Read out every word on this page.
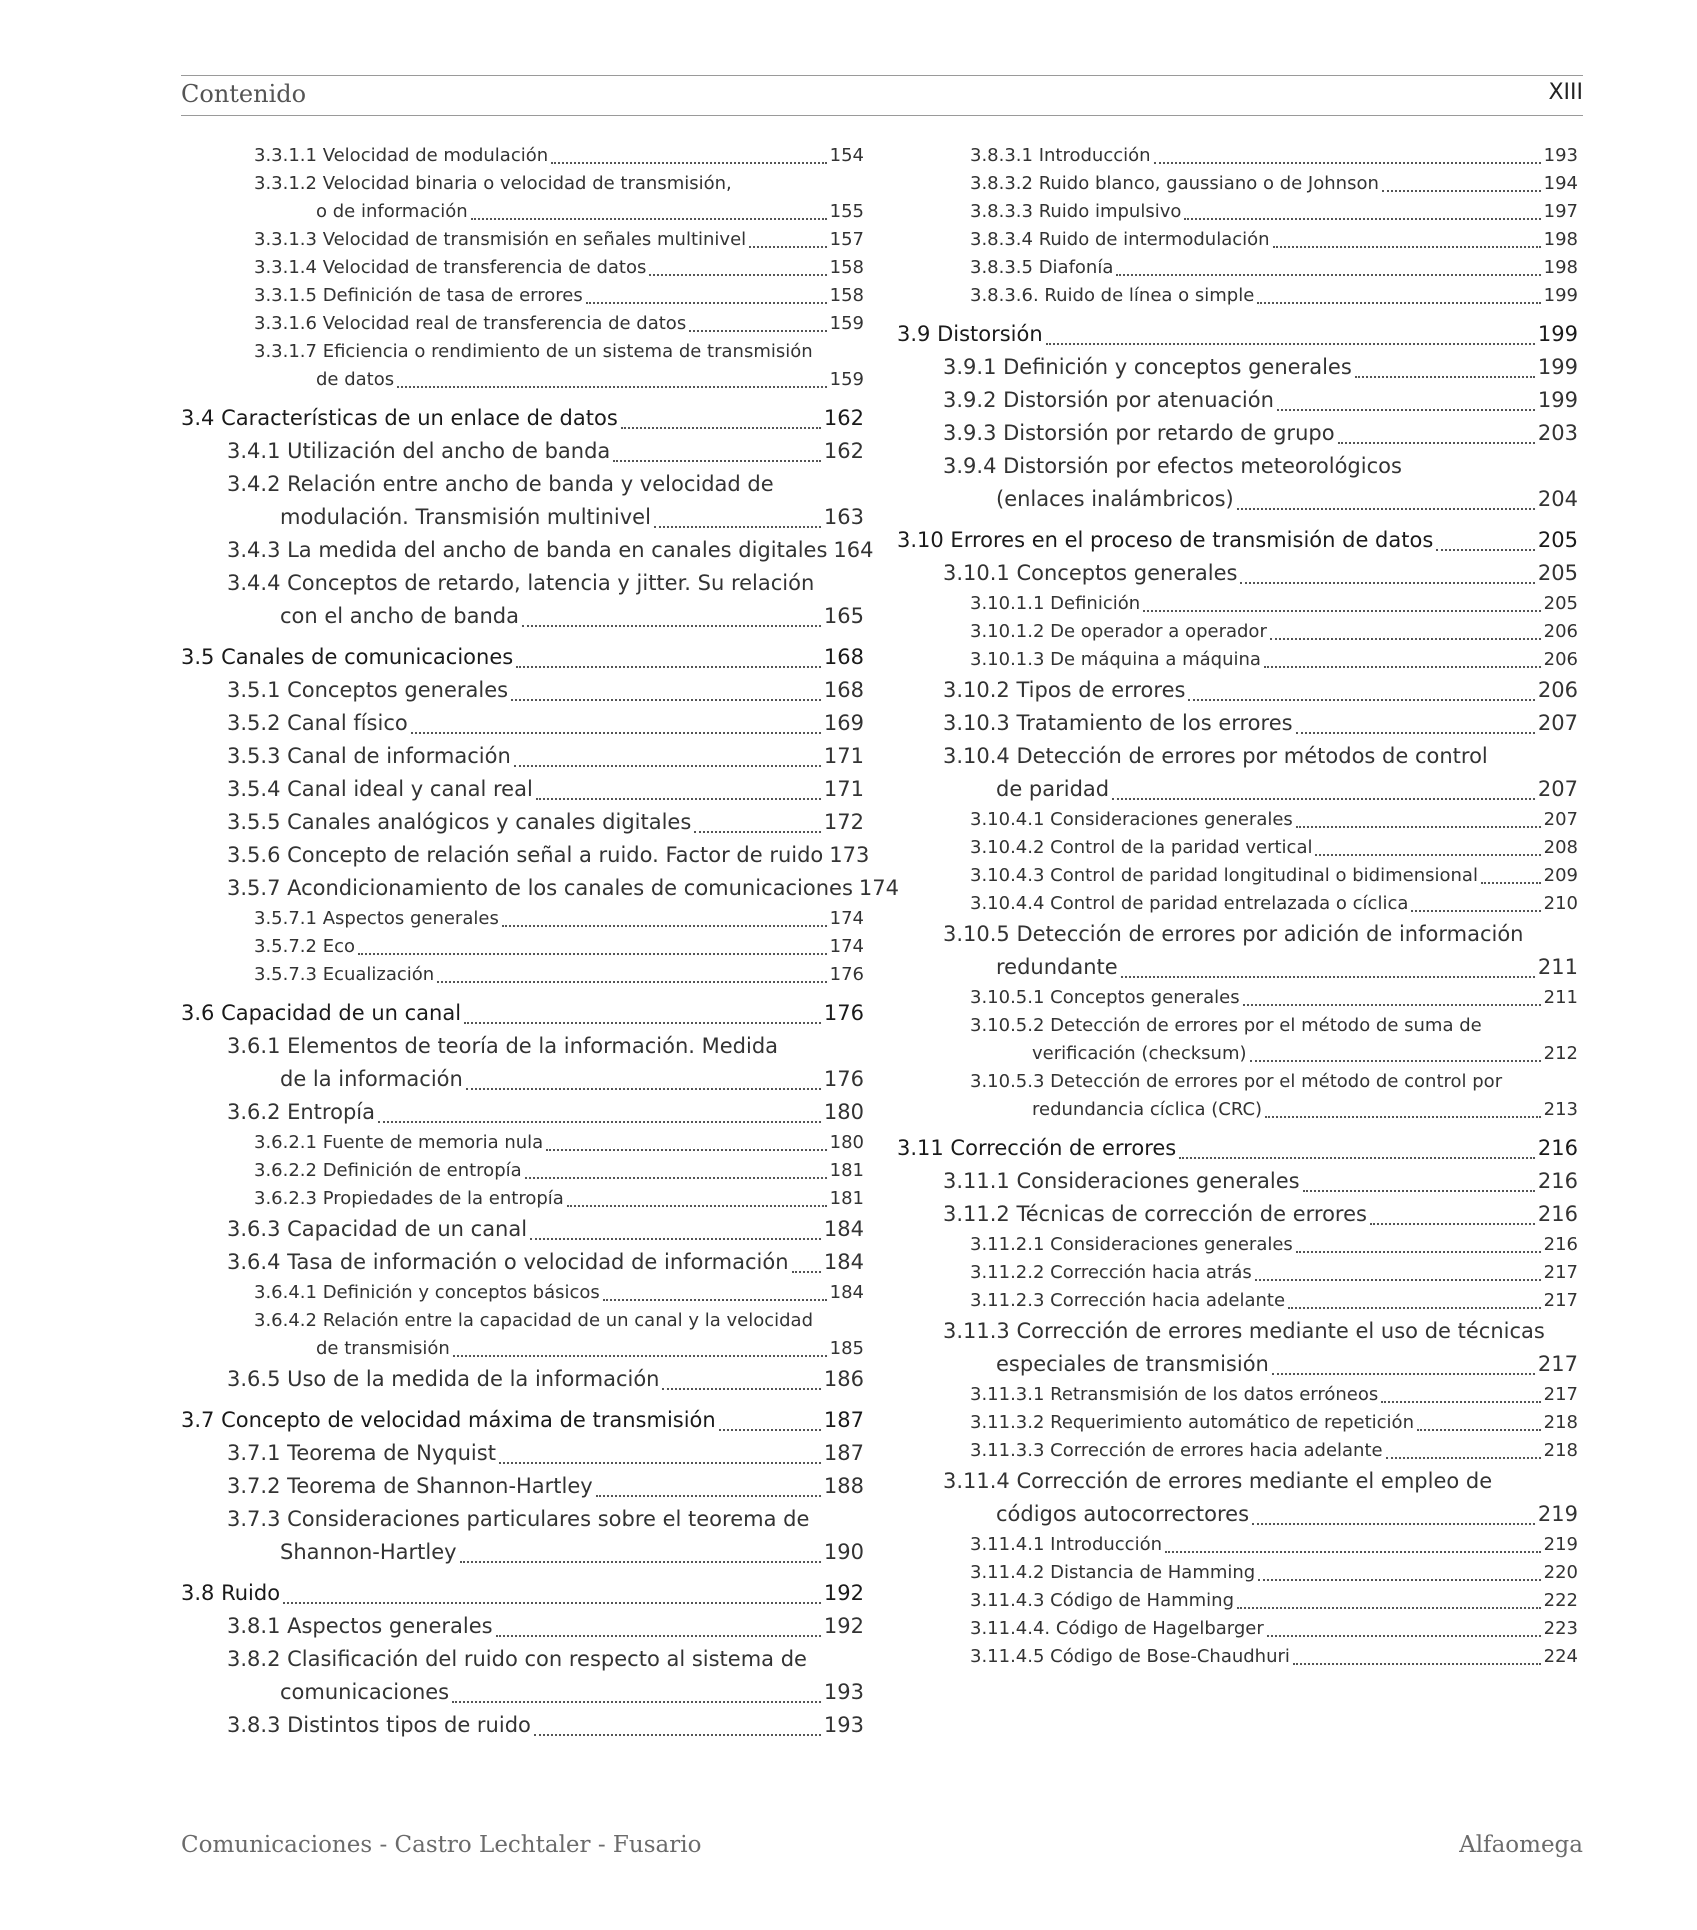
Contenido	XIII
3.3.1.1 Velocidad de modulación	154
3.3.1.2 Velocidad binaria o velocidad de transmisión,
o de información	155
3.3.1.3 Velocidad de transmisión en señales multinivel	157
3.3.1.4 Velocidad de transferencia de datos	158
3.3.1.5 Definición de tasa de errores	158
3.3.1.6 Velocidad real de transferencia de datos	159
3.3.1.7 Eficiencia o rendimiento de un sistema de transmisión
de datos	159
3.4 Características de un enlace de datos	162
3.4.1 Utilización del ancho de banda	162
3.4.2 Relación entre ancho de banda y velocidad de
modulación. Transmisión multinivel	163
3.4.3 La medida del ancho de banda en canales digitales 164
3.4.4 Conceptos de retardo, latencia y jitter. Su relación
con el ancho de banda	165
3.5 Canales de comunicaciones	168
3.5.1 Conceptos generales	168
3.5.2 Canal físico	169
3.5.3 Canal de información	171
3.5.4 Canal ideal y canal real	171
3.5.5 Canales analógicos y canales digitales	172
3.5.6 Concepto de relación señal a ruido. Factor de ruido 173
3.5.7 Acondicionamiento de los canales de comunicaciones 174
3.5.7.1 Aspectos generales	174
3.5.7.2 Eco	174
3.5.7.3 Ecualización	176
3.6 Capacidad de un canal	176
3.6.1 Elementos de teoría de la información. Medida
de la información	176
3.6.2 Entropía	180
3.6.2.1 Fuente de memoria nula	180
3.6.2.2 Definición de entropía	181
3.6.2.3 Propiedades de la entropía	181
3.6.3 Capacidad de un canal	184
3.6.4 Tasa de información o velocidad de información 184
3.6.4.1 Definición y conceptos básicos	184
3.6.4.2 Relación entre la capacidad de un canal y la velocidad
de transmisión	185
3.6.5 Uso de la medida de la información	186
3.7 Concepto de velocidad máxima de transmisión	187
3.7.1 Teorema de Nyquist	187
3.7.2 Teorema de Shannon-Hartley	188
3.7.3 Consideraciones particulares sobre el teorema de
Shannon-Hartley	190
3.8 Ruido	192
3.8.1 Aspectos generales	192
3.8.2 Clasificación del ruido con respecto al sistema de
comunicaciones	193
3.8.3 Distintos tipos de ruido	193
3.8.3.1 Introducción	193
3.8.3.2 Ruido blanco, gaussiano o de Johnson	194
3.8.3.3 Ruido impulsivo	197
3.8.3.4 Ruido de intermodulación	198
3.8.3.5 Diafonía	198
3.8.3.6. Ruido de línea o simple	199
3.9 Distorsión	199
3.9.1 Definición y conceptos generales	199
3.9.2 Distorsión por atenuación	199
3.9.3 Distorsión por retardo de grupo	203
3.9.4 Distorsión por efectos meteorológicos
(enlaces inalámbricos)	204
3.10 Errores en el proceso de transmisión de datos	205
3.10.1 Conceptos generales	205
3.10.1.1 Definición	205
3.10.1.2 De operador a operador	206
3.10.1.3 De máquina a máquina	206
3.10.2 Tipos de errores	206
3.10.3 Tratamiento de los errores	207
3.10.4 Detección de errores por métodos de control
de paridad	207
3.10.4.1 Consideraciones generales	207
3.10.4.2 Control de la paridad vertical	208
3.10.4.3 Control de paridad longitudinal o bidimensional	209
3.10.4.4 Control de paridad entrelazada o cíclica	210
3.10.5 Detección de errores por adición de información
redundante	211
3.10.5.1 Conceptos generales	211
3.10.5.2 Detección de errores por el método de suma de
verificación (checksum)	212
3.10.5.3 Detección de errores por el método de control por
redundancia cíclica (CRC)	213
3.11 Corrección de errores	216
3.11.1 Consideraciones generales	216
3.11.2 Técnicas de corrección de errores	216
3.11.2.1 Consideraciones generales	216
3.11.2.2 Corrección hacia atrás	217
3.11.2.3 Corrección hacia adelante	217
3.11.3 Corrección de errores mediante el uso de técnicas
especiales de transmisión	217
3.11.3.1 Retransmisión de los datos erróneos	217
3.11.3.2 Requerimiento automático de repetición	218
3.11.3.3 Corrección de errores hacia adelante	218
3.11.4 Corrección de errores mediante el empleo de
códigos autocorrectores	219
3.11.4.1 Introducción	219
3.11.4.2 Distancia de Hamming	220
3.11.4.3 Código de Hamming	222
3.11.4.4. Código de Hagelbarger	223
3.11.4.5 Código de Bose-Chaudhuri	224
Comunicaciones - Castro Lechtaler - Fusario	Alfaomega
